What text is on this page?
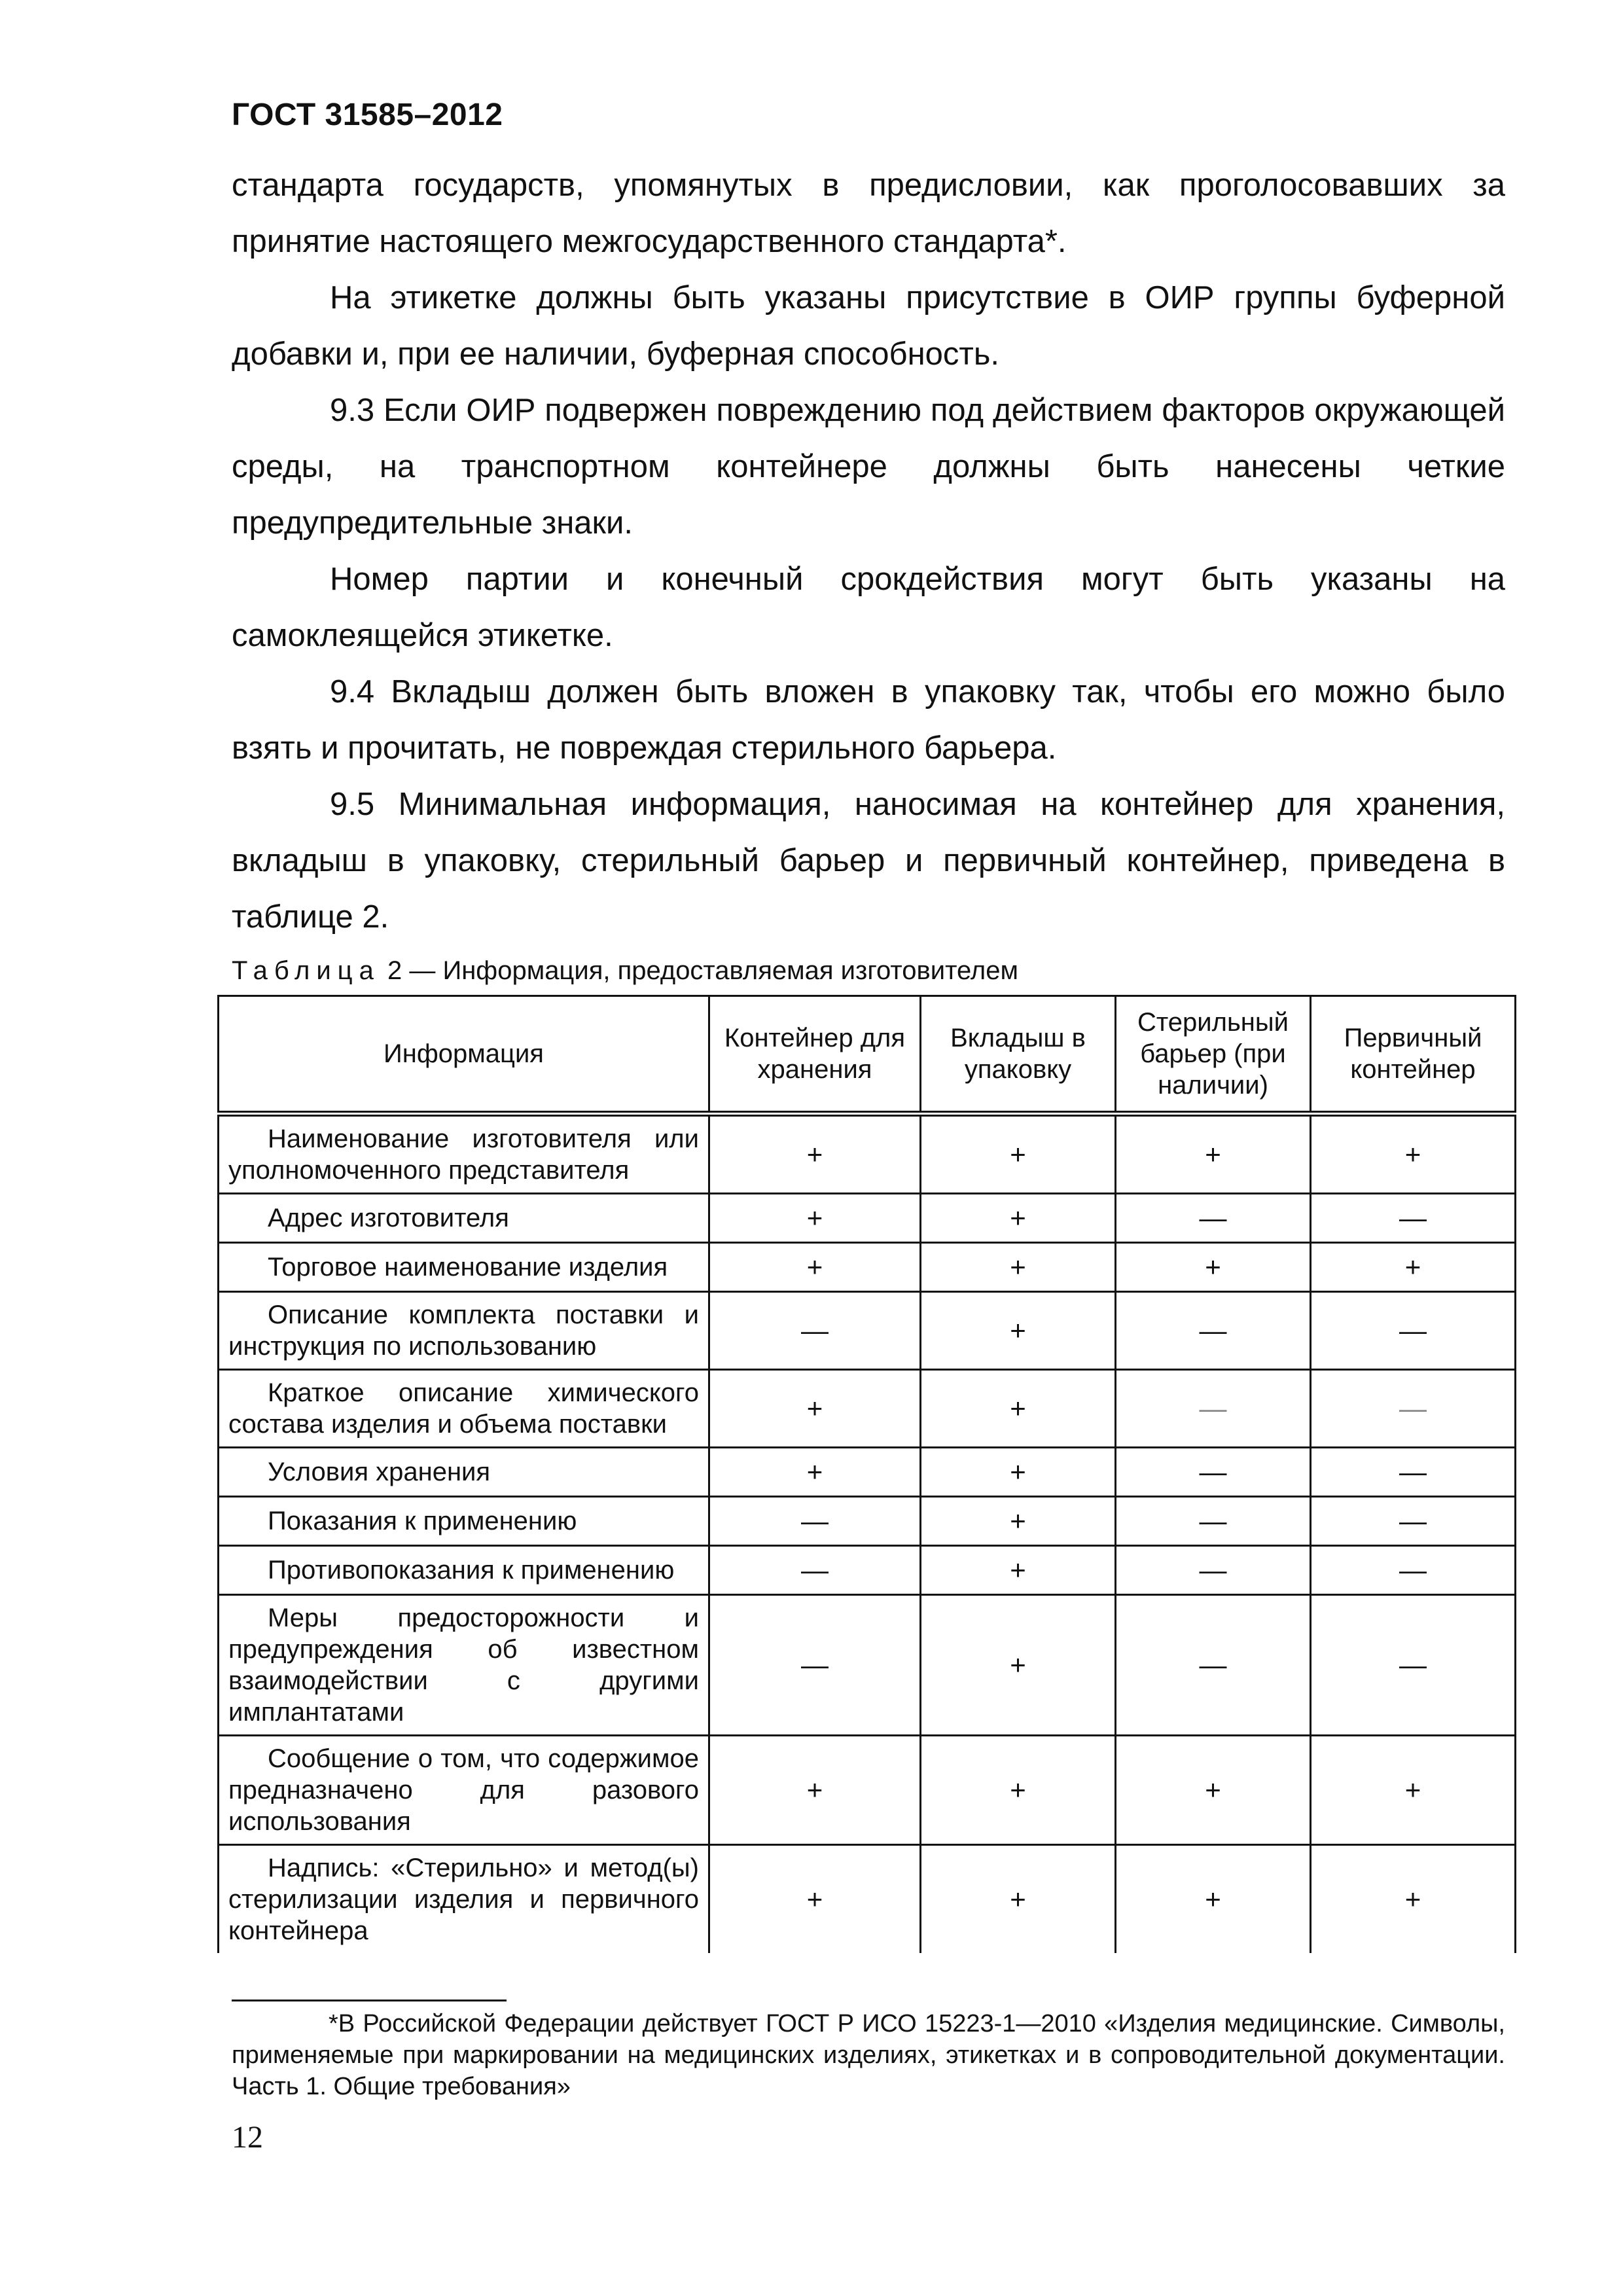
ГОСТ 31585–2012

стандарта государств, упомянутых в предисловии, как проголосовавших за принятие настоящего межгосударственного стандарта*.

На этикетке должны быть указаны присутствие в ОИР группы буферной добавки и, при ее наличии, буферная способность.

9.3 Если ОИР подвержен повреждению под действием факторов окружающей среды, на транспортном контейнере должны быть нанесены четкие предупредительные знаки.

Номер партии и конечный срокдействия могут быть указаны на самоклеящейся этикетке.

9.4 Вкладыш должен быть вложен в упаковку так, чтобы его можно было взять и прочитать, не повреждая стерильного барьера.

9.5 Минимальная информация, наносимая на контейнер для хранения, вкладыш в упаковку, стерильный барьер и первичный контейнер, приведена в таблице 2.

Таблица 2 — Информация, предоставляемая изготовителем
Информация	Контейнер для хранения	Вкладыш в упаковку	Стерильный барьер (при наличии)	Первичный контейнер
Наименование изготовителя или уполномоченного представителя	+	+	+	+
Адрес изготовителя	+	+	—	—
Торговое наименование изделия	+	+	+	+
Описание комплекта поставки и инструкция по использованию	—	+	—	—
Краткое описание химического состава изделия и объема поставки	+	+	—	—
Условия хранения	+	+	—	—
Показания к применению	—	+	—	—
Противопоказания к применению	—	+	—	—
Меры предосторожности и предупреждения об известном взаимодействии с другими имплантатами	—	+	—	—
Сообщение о том, что содержимое предназначено для разового использования	+	+	+	+
Надпись: «Стерильно» и метод(ы) стерилизации изделия и первичного контейнера	+	+	+	+
*В Российской Федерации действует ГОСТ Р ИСО 15223-1—2010 «Изделия медицинские. Символы, применяемые при маркировании на медицинских изделиях, этикетках и в сопроводительной документации. Часть 1. Общие требования»
12
